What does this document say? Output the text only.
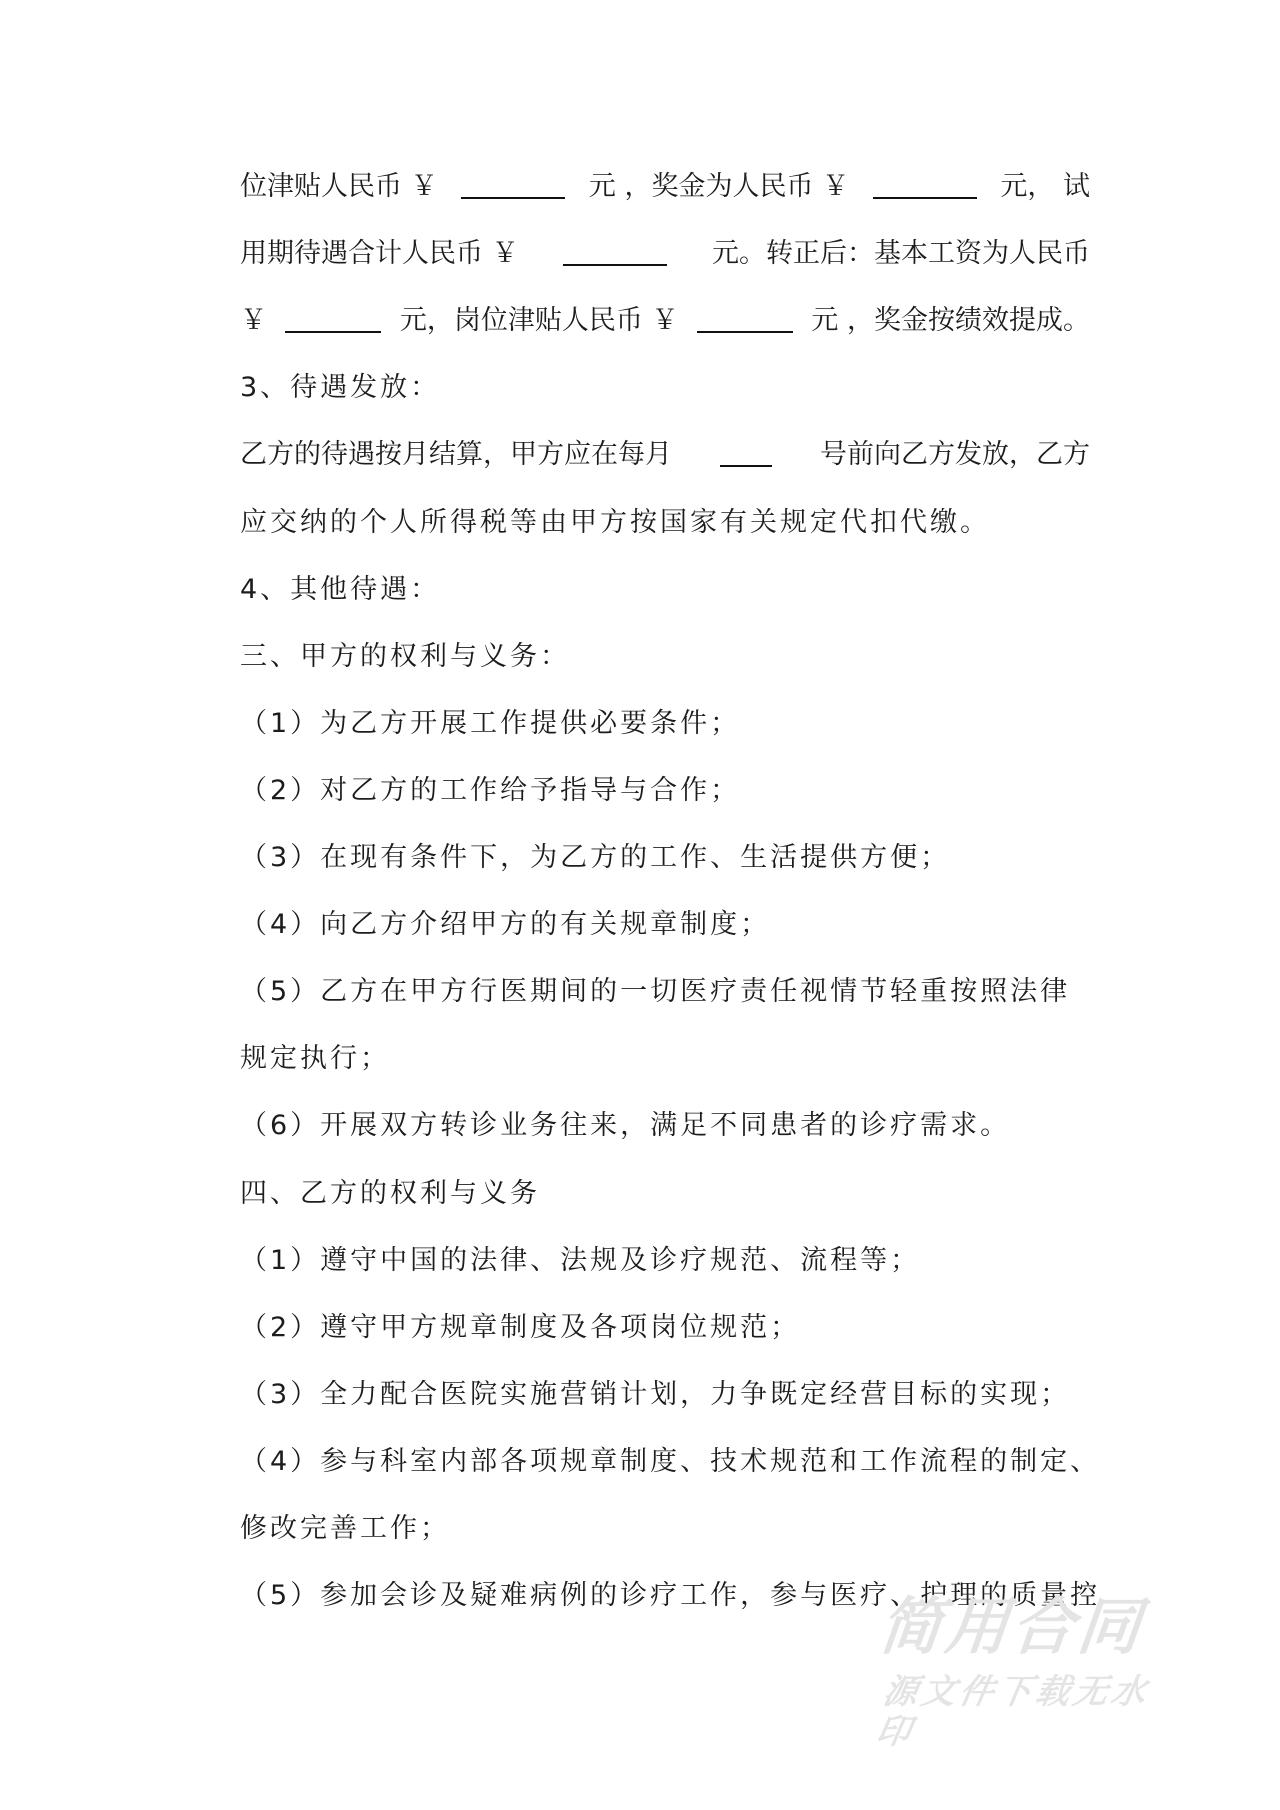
位津贴人民币 ￥	元 ，奖金为人民币 ￥	元， 试
用期待遇合计人民币 ￥	元。转正后：基本工资为人民币
￥	元，岗位津贴人民币 ￥	元 ，奖金按绩效提成。
3、待遇发放：
乙方的待遇按月结算，甲方应在每月	号前向乙方发放，乙方
应交纳的个人所得税等由甲方按国家有关规定代扣代缴。
4、其他待遇：
三、甲方的权利与义务：
（1）为乙方开展工作提供必要条件；
（2）对乙方的工作给予指导与合作；
（3）在现有条件下，为乙方的工作、生活提供方便；
（4）向乙方介绍甲方的有关规章制度；
（5）乙方在甲方行医期间的一切医疗责任视情节轻重按照法律
规定执行；
（6）开展双方转诊业务往来，满足不同患者的诊疗需求。
四、乙方的权利与义务
（1）遵守中国的法律、法规及诊疗规范、流程等；
（2）遵守甲方规章制度及各项岗位规范；
（3）全力配合医院实施营销计划，力争既定经营目标的实现；
（4）参与科室内部各项规章制度、技术规范和工作流程的制定、
修改完善工作；
（5）参加会诊及疑难病例的诊疗工作，参与医疗、护理的质量控
简用合同
源文件下载无水印
